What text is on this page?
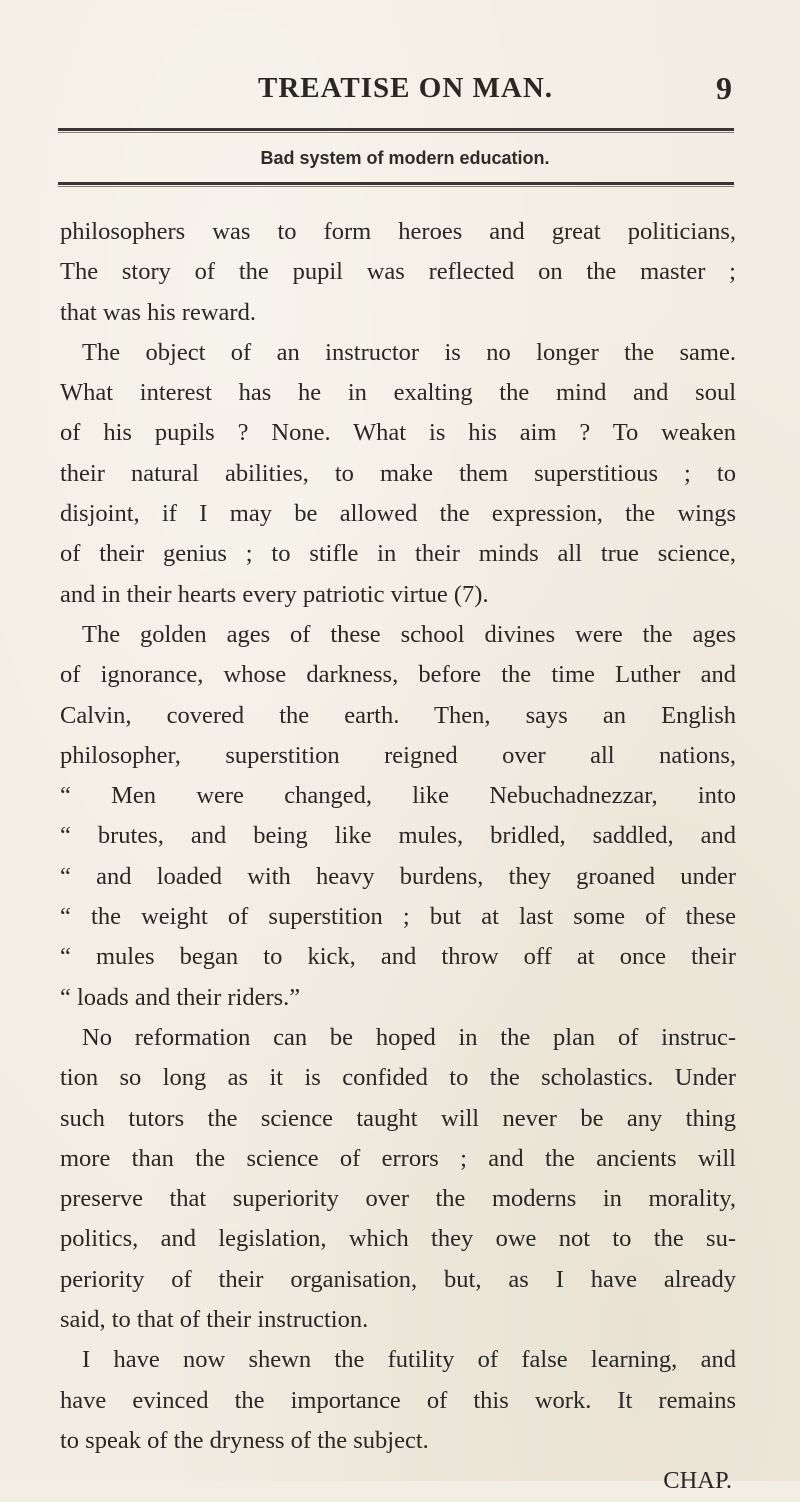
TREATISE ON MAN.	9
Bad system of modern education.
philosophers was to form heroes and great politicians,
The story of the pupil was reflected on the master ;
that was his reward.
The object of an instructor is no longer the same.
What interest has he in exalting the mind and soul
of his pupils ? None. What is his aim ? To weaken
their natural abilities, to make them superstitious ; to
disjoint, if I may be allowed the expression, the wings
of their genius ; to stifle in their minds all true science,
and in their hearts every patriotic virtue (7).
The golden ages of these school divines were the ages
of ignorance, whose darkness, before the time Luther and
Calvin, covered the earth. Then, says an English
philosopher, superstition reigned over all nations,
“ Men were changed, like Nebuchadnezzar, into
“ brutes, and being like mules, bridled, saddled, and
“ and loaded with heavy burdens, they groaned under
“ the weight of superstition ; but at last some of these
“ mules began to kick, and throw off at once their
“ loads and their riders.”
No reformation can be hoped in the plan of instruc-
tion so long as it is confided to the scholastics. Under
such tutors the science taught will never be any thing
more than the science of errors ; and the ancients will
preserve that superiority over the moderns in morality,
politics, and legislation, which they owe not to the su-
periority of their organisation, but, as I have already
said, to that of their instruction.
I have now shewn the futility of false learning, and
have evinced the importance of this work. It remains
to speak of the dryness of the subject.
CHAP.
